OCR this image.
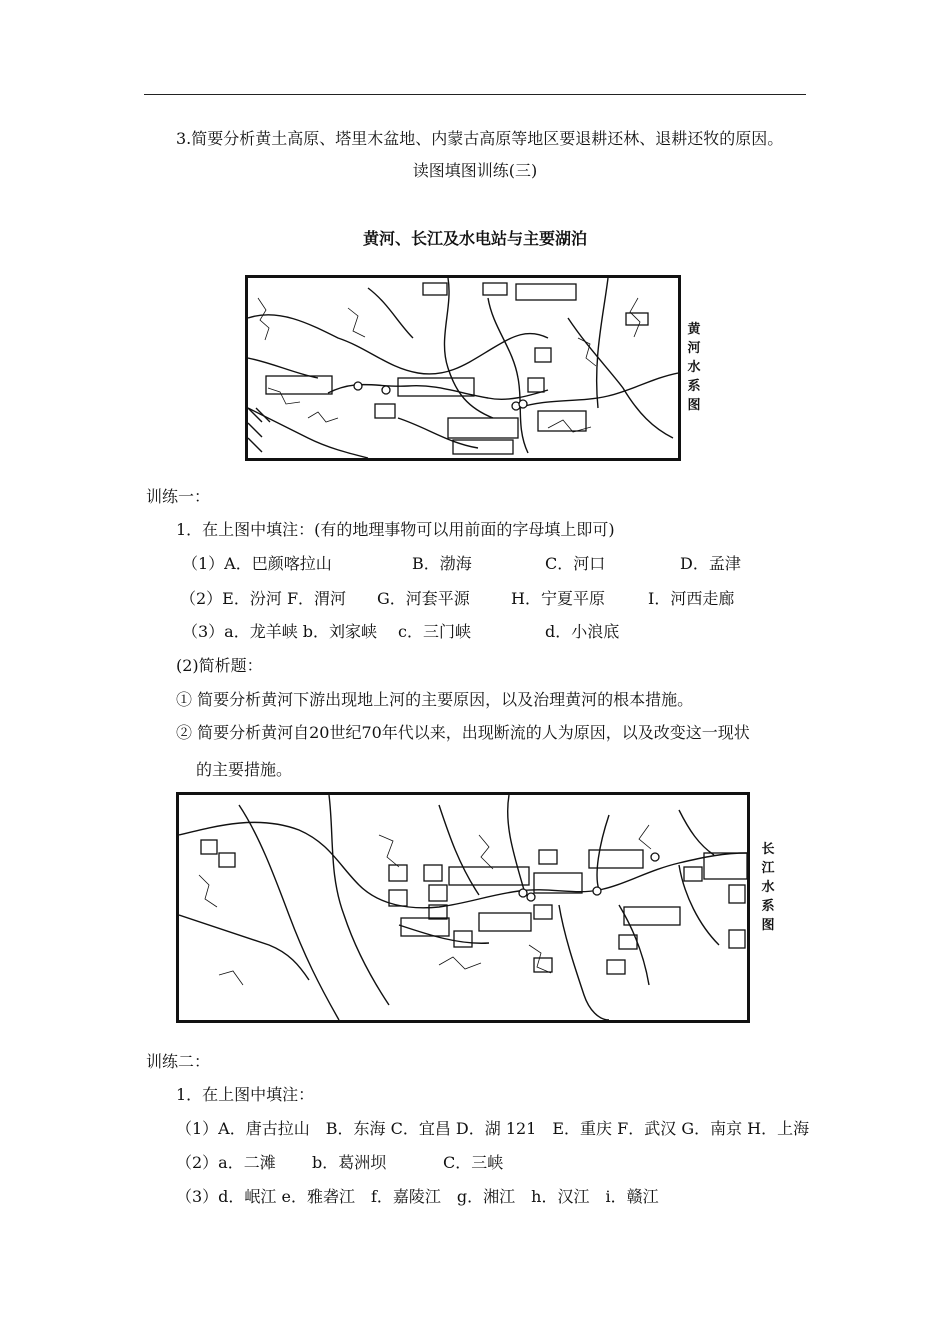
3.简要分析黄土高原、塔里木盆地、内蒙古高原等地区要退耕还林、退耕还牧的原因。
读图填图训练(三)
黄河、长江及水电站与主要湖泊
黄
河
水
系
图
训练一：
1．在上图中填注：(有的地理事物可以用前面的字母填上即可)
（1）A．巴颜喀拉山	B．渤海	C．河口	D．孟津
（2）E．汾河 F．渭河 G．河套平源	H．宁夏平原	I．河西走廊
（3）a．龙羊峡 b．刘家峡 c．三门峡	d．小浪底
(2)简析题：
① 简要分析黄河下游出现地上河的主要原因，以及治理黄河的根本措施。
② 简要分析黄河自20世纪70年代以来，出现断流的人为原因，以及改变这一现状
的主要措施。
长
江
水
系
图
训练二：
1．在上图中填注：
（1）A．唐古拉山　B．东海 C．宜昌 D．湖 121　E．重庆 F．武汉 G．南京 H．上海
（2）a．二滩 b．葛洲坝	C．三峡
（3）d．岷江 e．雅砻江　f．嘉陵江　g．湘江　h．汉江　i．赣江
